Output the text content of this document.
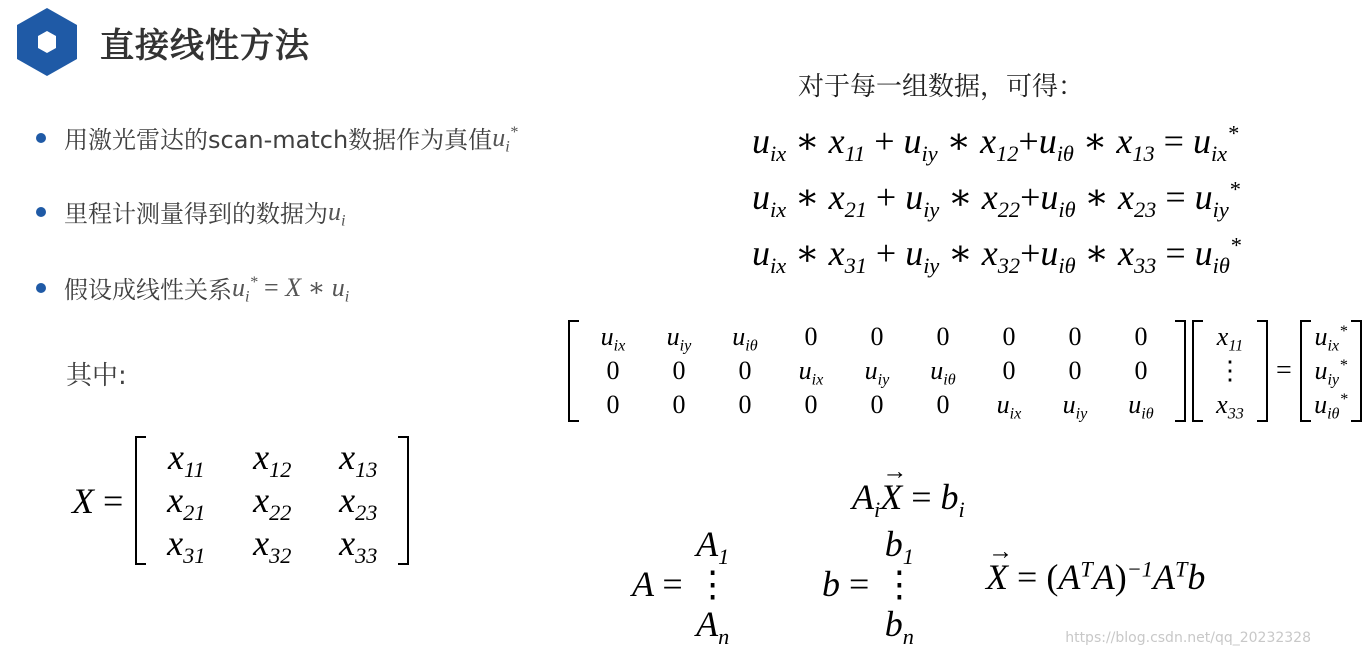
直接线性方法
用激光雷达的scan-match数据作为真值 $u_i^*$
里程计测量得到的数据为 $u_i$
假设成线性关系 $u_i^* = X$ ∗ $u_i$
其中:
X =
$x_{11}$	$x_{12}$	$x_{13}$
$x_{21}$	$x_{22}$	$x_{23}$
$x_{31}$	$x_{32}$	$x_{33}$
对于每一组数据，可得：
$u_{ix}$ ∗ $x_{11} + u_{iy}$ ∗ $x_{12}+u_{i\theta}$ ∗ $x_{13} = u_{ix}^*$
$u_{ix}$ ∗ $x_{21} + u_{iy}$ ∗ $x_{22}+u_{i\theta}$ ∗ $x_{23} = u_{iy}^*$
$u_{ix}$ ∗ $x_{31} + u_{iy}$ ∗ $x_{32}+u_{i\theta}$ ∗ $x_{33} = u_{i\theta}^*$
$u_{ix}$	$u_{iy}$	$u_{i\theta}$	0	0	0	0	0	0
0	0	0	$u_{ix}$	$u_{iy}$	$u_{i\theta}$	0	0	0
0	0	0	0	0	0	$u_{ix}$	$u_{iy}$	$u_{i\theta}$
$x_{11}$
⋮
$x_{33}$
=
$u_{ix}^*$
$u_{iy}^*$
$u_{i\theta}^*$
$A_i\to X = b_i$
A =
$A_1$
⋮
$A_n$
b =
$b_1$
⋮
$b_n$
→ $X = (A^TA)^{-1}A^Tb$
https://blog.csdn.net/qq_20232328
